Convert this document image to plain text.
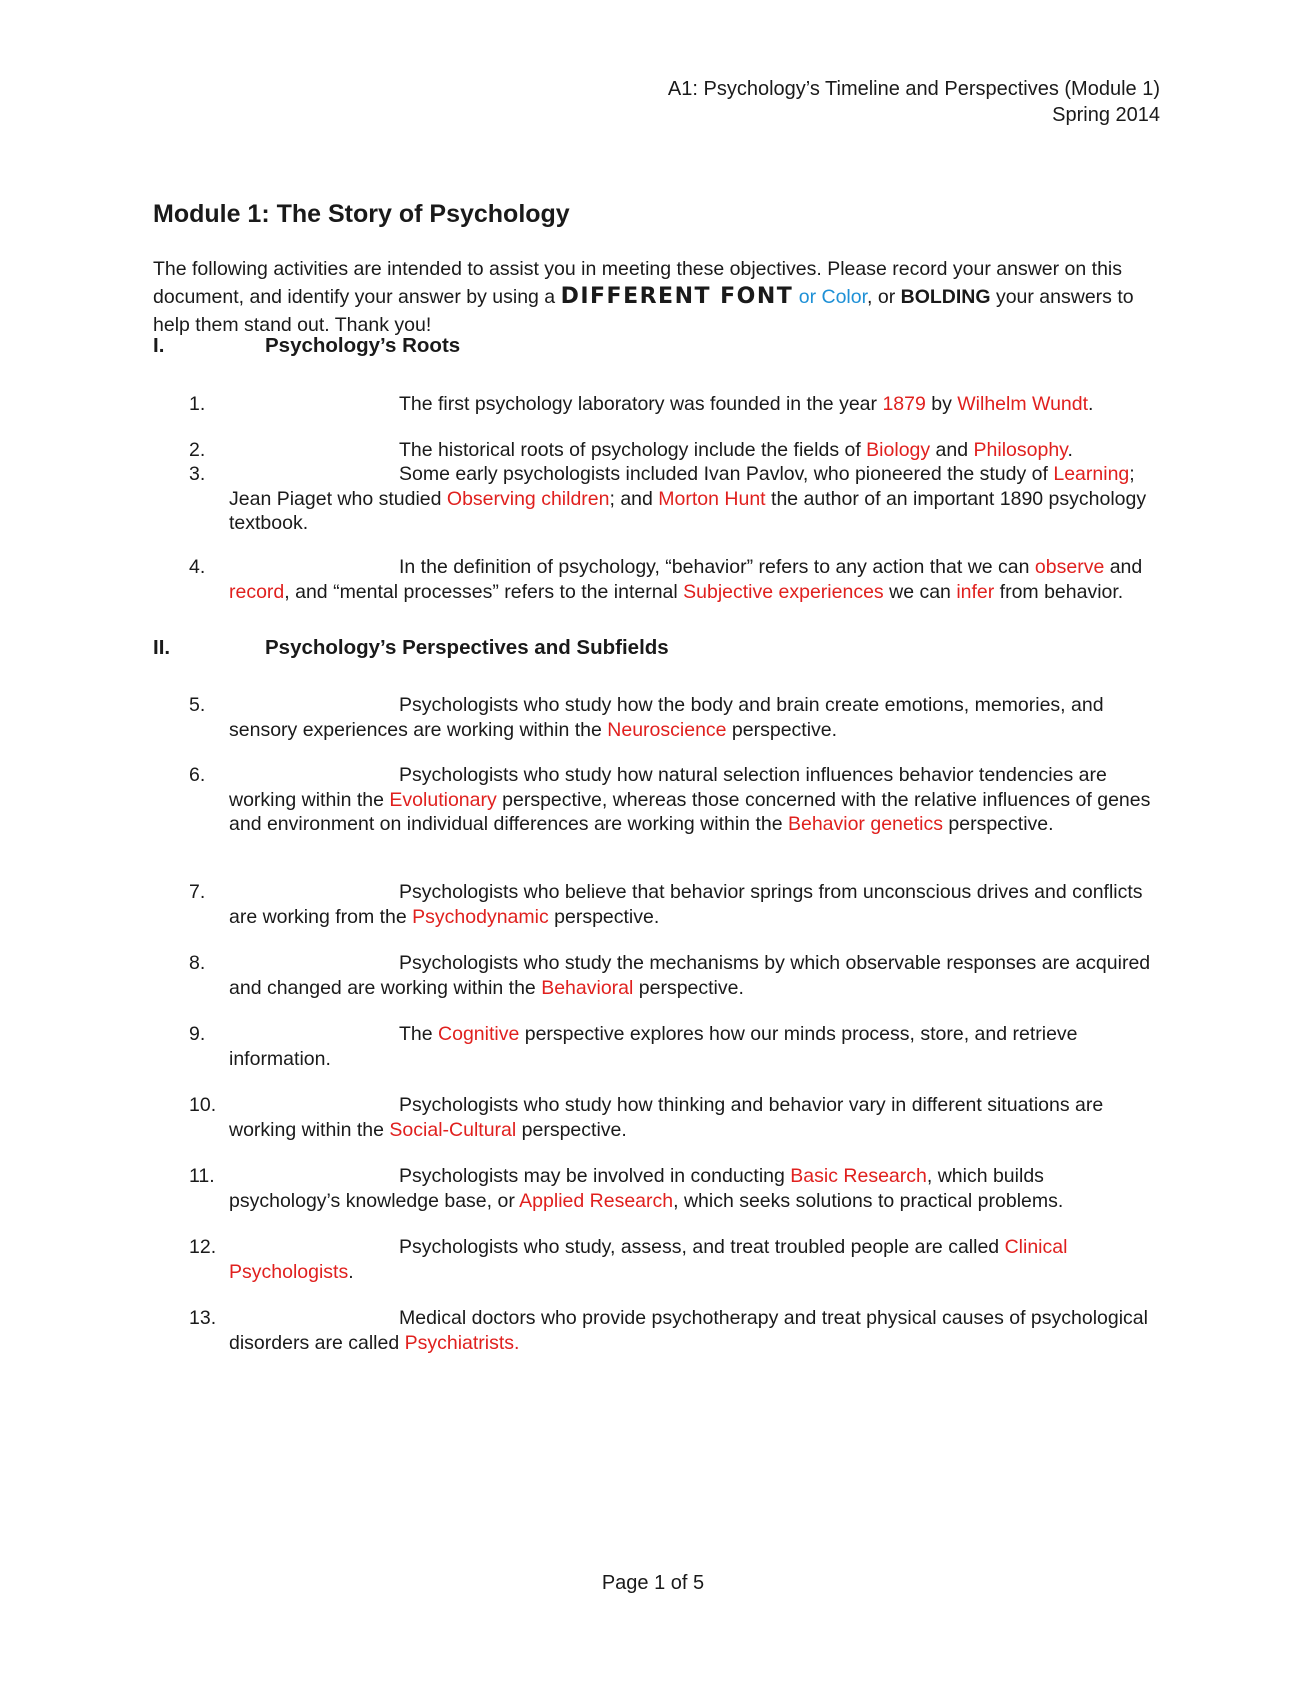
A1: Psychology’s Timeline and Perspectives (Module 1)
Spring 2014
Module 1: The Story of Psychology
The following activities are intended to assist you in meeting these objectives. Please record your answer on this document, and identify your answer by using a DIFFERENT FONT or Color, or BOLDING your answers to help them stand out. Thank you!
I.	Psychology’s Roots
1.	The first psychology laboratory was founded in the year 1879 by Wilhelm Wundt.
2.	The historical roots of psychology include the fields of Biology and Philosophy.
3.	Some early psychologists included Ivan Pavlov, who pioneered the study of Learning; Jean Piaget who studied Observing children; and Morton Hunt the author of an important 1890 psychology textbook.
4.	In the definition of psychology, “behavior” refers to any action that we can observe and record, and “mental processes” refers to the internal Subjective experiences we can infer from behavior.
II.	Psychology’s Perspectives and Subfields
5.	Psychologists who study how the body and brain create emotions, memories, and sensory experiences are working within the Neuroscience perspective.
6.	Psychologists who study how natural selection influences behavior tendencies are working within the Evolutionary perspective, whereas those concerned with the relative influences of genes and environment on individual differences are working within the Behavior genetics perspective.
7.	Psychologists who believe that behavior springs from unconscious drives and conflicts are working from the Psychodynamic perspective.
8.	Psychologists who study the mechanisms by which observable responses are acquired and changed are working within the Behavioral perspective.
9.	The Cognitive perspective explores how our minds process, store, and retrieve information.
10.	Psychologists who study how thinking and behavior vary in different situations are working within the Social-Cultural perspective.
11.	Psychologists may be involved in conducting Basic Research, which builds psychology’s knowledge base, or Applied Research, which seeks solutions to practical problems.
12.	Psychologists who study, assess, and treat troubled people are called Clinical Psychologists.
13.	Medical doctors who provide psychotherapy and treat physical causes of psychological disorders are called Psychiatrists.
Page 1 of 5
